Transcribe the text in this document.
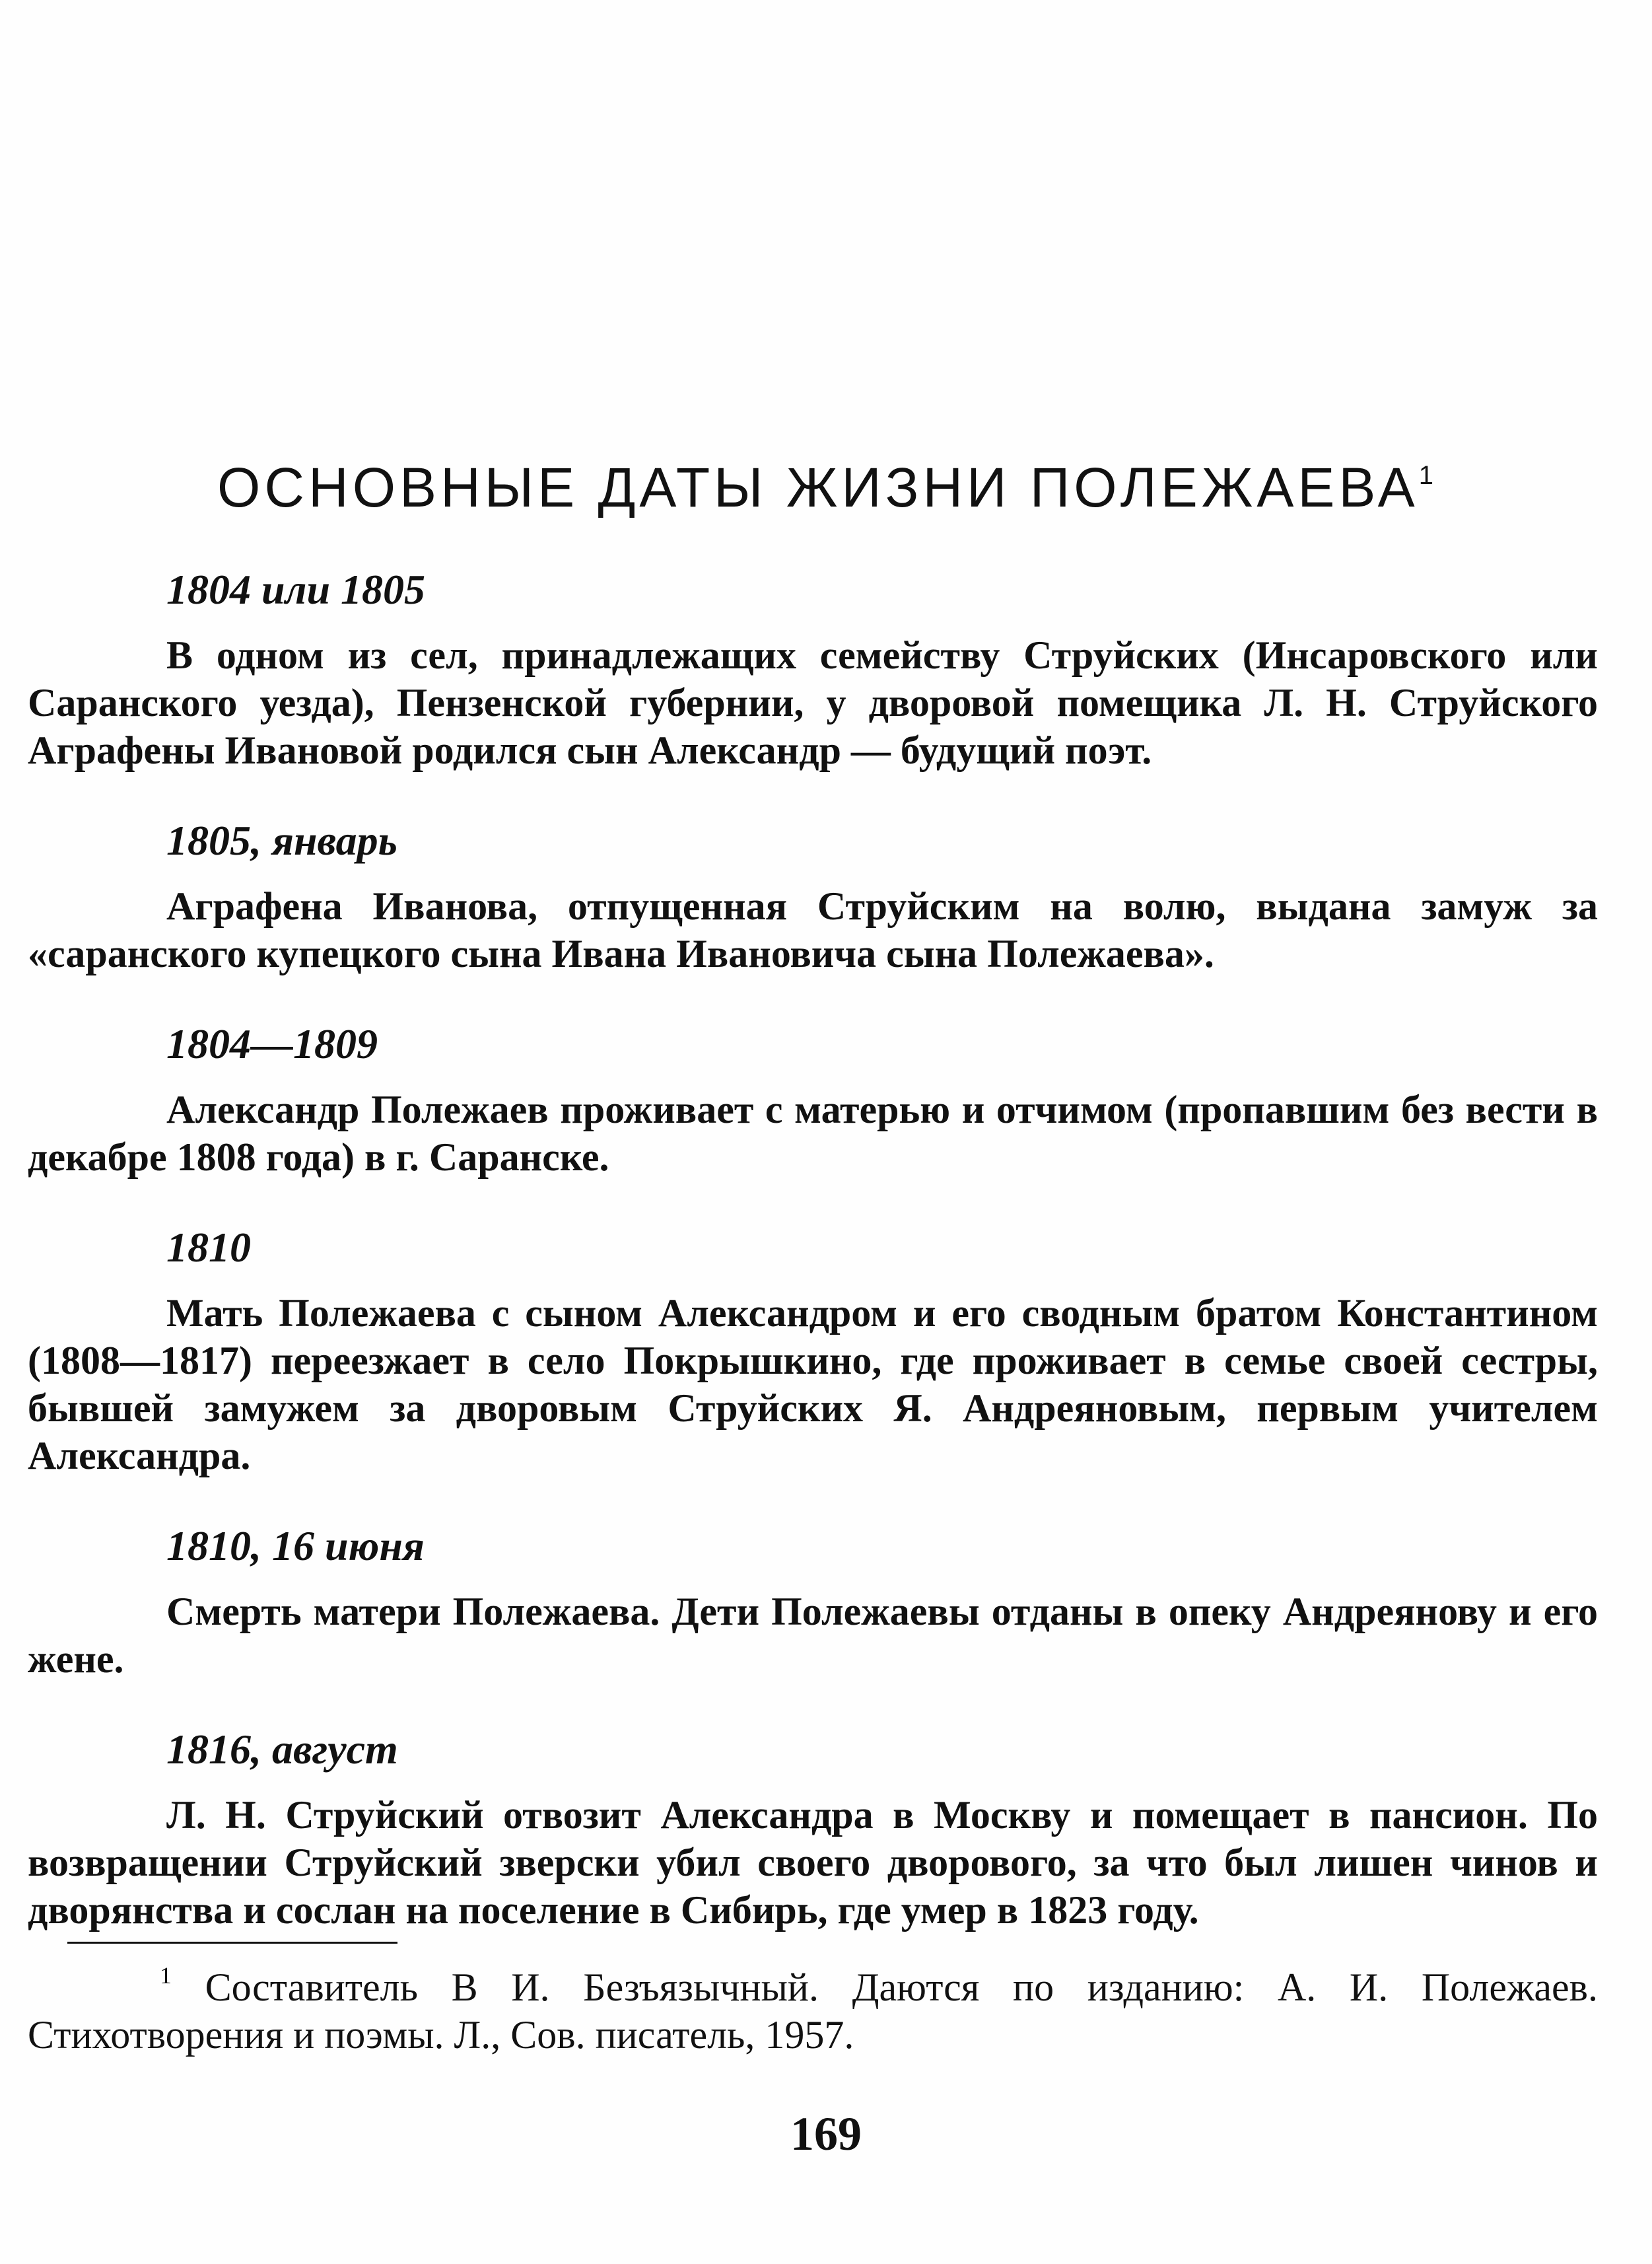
ОСНОВНЫЕ ДАТЫ ЖИЗНИ ПОЛЕЖАЕВА$^1$
1804 или 1805
В одном из сел, принадлежащих семейству Струйских (Инсаровского или Саранского уезда), Пензенской губернии, у дворовой помещика Л. Н. Струйского Аграфены Ивановой родился сын Александр — будущий поэт.
1805, январь
Аграфена Иванова, отпущенная Струйским на волю, выдана замуж за «саранского купецкого сына Ивана Ивановича сына Полежаева».
1804—1809
Александр Полежаев проживает с матерью и отчимом (пропавшим без вести в декабре 1808 года) в г. Саранске.
1810
Мать Полежаева с сыном Александром и его сводным братом Константином (1808—1817) переезжает в село Покрышкино, где проживает в семье своей сестры, бывшей замужем за дворовым Струйских Я. Андреяновым, первым учителем Александра.
1810, 16 июня
Смерть матери Полежаева. Дети Полежаевы отданы в опеку Андреянову и его жене.
1816, август
Л. Н. Струйский отвозит Александра в Москву и помещает в пансион. По возвращении Струйский зверски убил своего дворового, за что был лишен чинов и дворянства и сослан на поселение в Сибирь, где умер в 1823 году.
$^1$ Составитель В И. Безъязычный. Даются по изданию: А. И. Полежаев. Стихотворения и поэмы. Л., Сов. писатель, 1957.
169
